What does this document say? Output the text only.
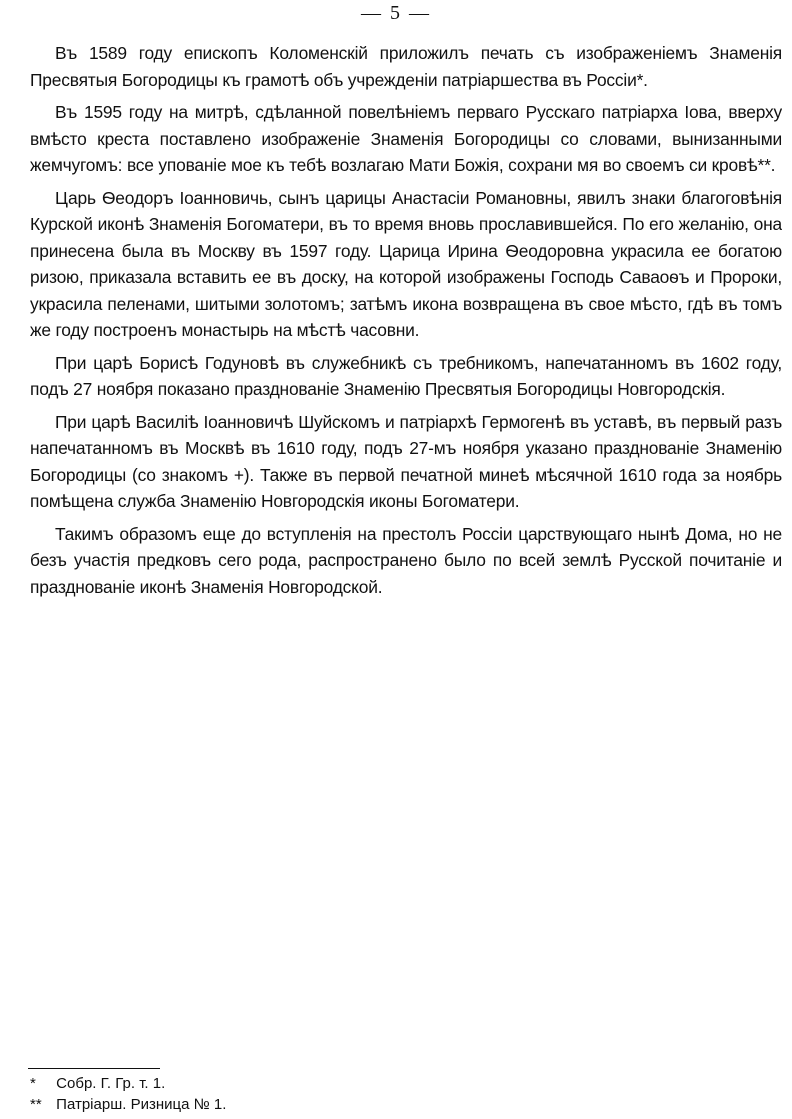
— 5 —

Въ 1589 году епископъ Коломенскій приложилъ печать съ изображеніемъ Знаменія Пресвятыя Богородицы къ грамотѣ объ учрежденіи патріаршества въ Россіи*.

Въ 1595 году на митрѣ, сдѣланной повелѣніемъ перваго Русскаго патріарха Іова, вверху вмѣсто креста поставлено изображеніе Знаменія Богородицы со словами, вынизанными жемчугомъ: все упованіе мое къ тебѣ возлагаю Мати Божія, сохрани мя во своемъ си кровѣ**.

Царь Ѳеодоръ Іоанновичь, сынъ царицы Анастасіи Романовны, явилъ знаки благоговѣнія Курской иконѣ Знаменія Богоматери, въ то время вновь прославившейся. По его желанію, она принесена была въ Москву въ 1597 году. Царица Ирина Ѳеодоровна украсила ее богатою ризою, приказала вставить ее въ доску, на которой изображены Господь Саваоѳъ и Пророки, украсила пеленами, шитыми золотомъ; затѣмъ икона возвращена въ свое мѣсто, гдѣ въ томъ же году построенъ монастырь на мѣстѣ часовни.

При царѣ Борисѣ Годуновѣ въ служебникѣ съ требникомъ, напечатанномъ въ 1602 году, подъ 27 ноября показано празднованіе Знаменію Пресвятыя Богородицы Новгородскія.

При царѣ Василіѣ Іоанновичѣ Шуйскомъ и патріархѣ Гермогенѣ въ уставѣ, въ первый разъ напечатанномъ въ Москвѣ въ 1610 году, подъ 27-мъ ноября указано празднованіе Знаменію Богородицы (со знакомъ +). Также въ первой печатной минеѣ мѣсячной 1610 года за ноябрь помѣщена служба Знаменію Новгородскія иконы Богоматери.

Такимъ образомъ еще до вступленія на престолъ Россіи царствующаго нынѣ Дома, но не безъ участія предковъ сего рода, распространено было по всей землѣ Русской почитаніе и празднованіе иконѣ Знаменія Новгородской.

* Собр. Г. Гр. т. 1.

** Патріарш. Ризница № 1.
